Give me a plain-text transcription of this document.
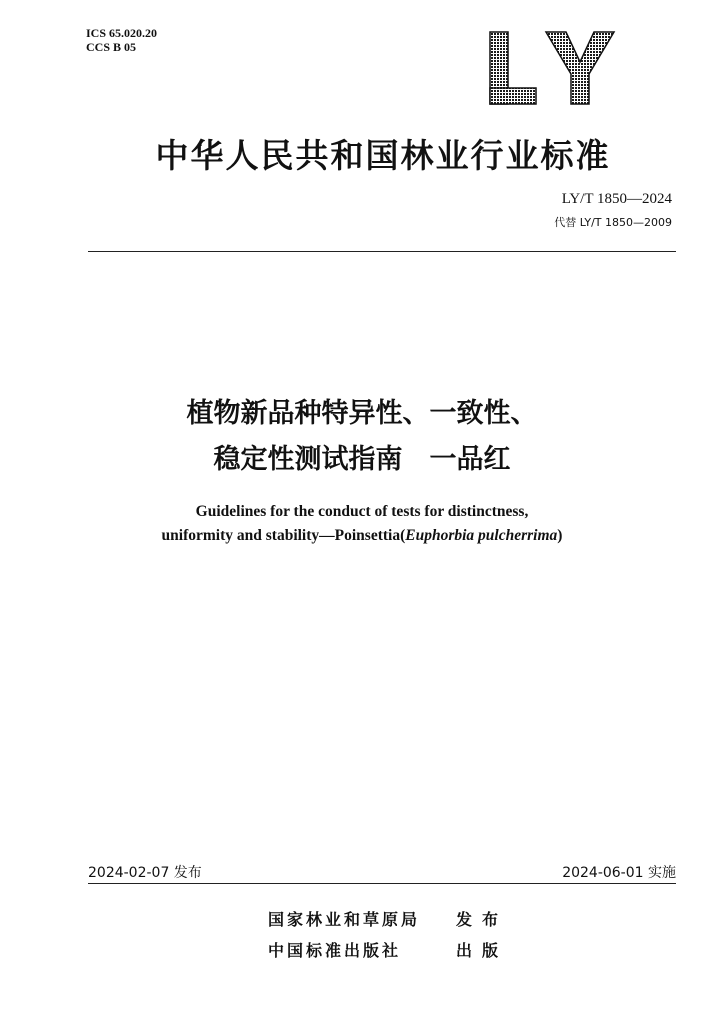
ICS 65.020.20
CCS B 05
中华人民共和国林业行业标准
LY/T 1850—2024
代替 LY/T 1850—2009
植物新品种特异性、一致性、
稳定性测试指南　一品红
Guidelines for the conduct of tests for distinctness,
uniformity and stability—Poinsettia(Euphorbia pulcherrima)
2024-02-07 发布	2024-06-01 实施
国家林业和草原局 发布
中国标准出版社	出版
